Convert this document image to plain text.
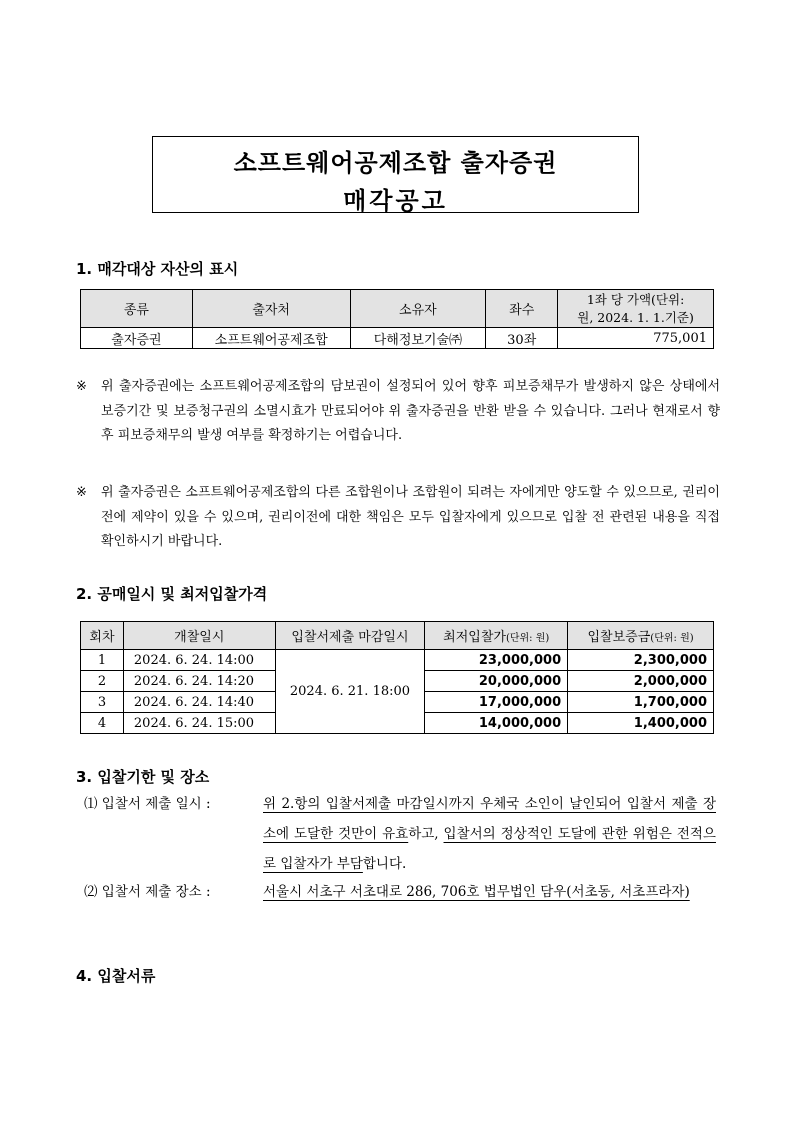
소프트웨어공제조합 출자증권
매각공고
1. 매각대상 자산의 표시
종류	출자처	소유자	좌수	1좌 당 가액(단위:
원, 2024. 1. 1.기준)

출자증권	소프트웨어공제조합	다해정보기술㈜	30좌	775,001
※ 위 출자증권에는 소프트웨어공제조합의 담보권이 설정되어 있어 향후 피보증채무가 발생하지 않은 상태에서 보증기간 및 보증청구권의 소멸시효가 만료되어야 위 출자증권을 반환 받을 수 있습니다. 그러나 현재로서 향후 피보증채무의 발생 여부를 확정하기는 어렵습니다.
※ 위 출자증권은 소프트웨어공제조합의 다른 조합원이나 조합원이 되려는 자에게만 양도할 수 있으므로, 권리이전에 제약이 있을 수 있으며, 권리이전에 대한 책임은 모두 입찰자에게 있으므로 입찰 전 관련된 내용을 직접 확인하시기 바랍니다.
2. 공매일시 및 최저입찰가격
회차	개찰일시	입찰서제출 마감일시	최저입찰가(단위: 원)	입찰보증금(단위: 원)
1	2024. 6. 24. 14:00	2024. 6. 21. 18:00	23,000,000	2,300,000
2	2024. 6. 24. 14:20		20,000,000	2,000,000
3	2024. 6. 24. 14:40		17,000,000	1,700,000
4	2024. 6. 24. 15:00		14,000,000	1,400,000
3. 입찰기한 및 장소
⑴ 입찰서 제출 일시 :	위 2.항의 입찰서제출 마감일시까지 우체국 소인이 날인되어 입찰서 제출 장소에 도달한 것만이 유효하고, 입찰서의 정상적인 도달에 관한 위험은 전적으로 입찰자가 부담합니다.
⑵ 입찰서 제출 장소 :	서울시 서초구 서초대로 286, 706호 법무법인 담우(서초동, 서초프라자)
4. 입찰서류
